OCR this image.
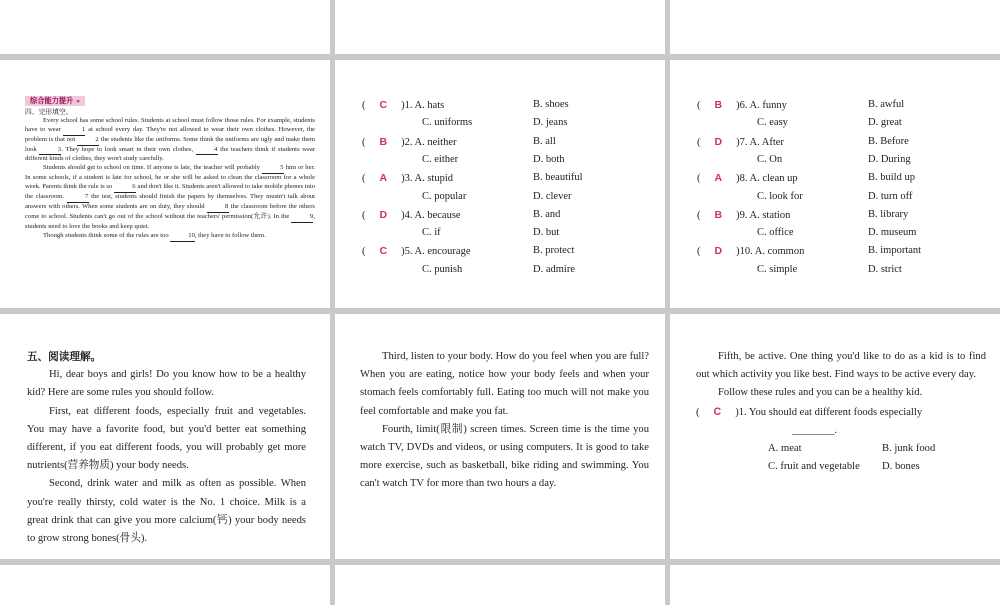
综合能力提升 »
四、完形填空。

Every school has some school rules. Students at school must follow those rules. For example, students have to wear	1 at school every day. They're not allowed to wear their own clothes. However, the problem is that not	2 the students like the uniforms. Some think the uniforms are ugly and make them look	3. They hope to look smart in their own clothes,	4 the teachers think if students wear different kinds of clothes, they won't study carefully.

Students should get to school on time. If anyone is late, the teacher will probably	5 him or her. In some schools, if a student is late for school, he or she will be asked to clean the classroom for a whole week. Parents think the rule is so	6 and don't like it. Students aren't allowed to take mobile phones into the classroom.	7 the test, students should finish the papers by themselves. They mustn't talk about answers with others. When some students are on duty, they should	8 the classroom before the others come to school. Students can't go out of the school without the teachers' permission(允许). In the	9, students need to love the books and keep quiet.

Though students think some of the rules are too	10, they have to follow them.

( C )1. A. hats	B. shoes
C. uniforms	D. jeans
( B )2. A. neither	B. all
C. either	D. both
( A )3. A. stupid	B. beautiful
C. popular	D. clever
( D )4. A. because	B. and
C. if	D. but
( C )5. A. encourage	B. protect
C. punish	D. admire
( B )6. A. funny	B. awful
C. easy	D. great
( D )7. A. After	B. Before
C. On	D. During
( A )8. A. clean up	B. build up
C. look for	D. turn off
( B )9. A. station	B. library
C. office	D. museum
( D )10. A. common	B. important
C. simple	D. strict

五、阅读理解。

Hi, dear boys and girls! Do you know how to be a healthy kid? Here are some rules you should follow.

First, eat different foods, especially fruit and vegetables. You may have a favorite food, but you'd better eat something different, if you eat different foods, you will probably get more nutrients(营养物质) your body needs.

Second, drink water and milk as often as possible. When you're really thirsty, cold water is the No. 1 choice. Milk is a great drink that can give you more calcium(钙) your body needs to grow strong bones(骨头).

Third, listen to your body. How do you feel when you are full? When you are eating, notice how your body feels and when your stomach feels comfortably full. Eating too much will not make you feel comfortable and make you fat.

Fourth, limit(限制) screen times. Screen time is the time you watch TV, DVDs and videos, or using computers. It is good to take more exercise, such as basketball, bike riding and swimming. You can't watch TV for more than two hours a day.

Fifth, be active. One thing you'd like to do as a kid is to find out which activity you like best. Find ways to be active every day.

Follow these rules and you can be a healthy kid.

( C )1. You should eat different foods especially
________.
A. meat	B. junk food
C. fruit and vegetable D. bones
